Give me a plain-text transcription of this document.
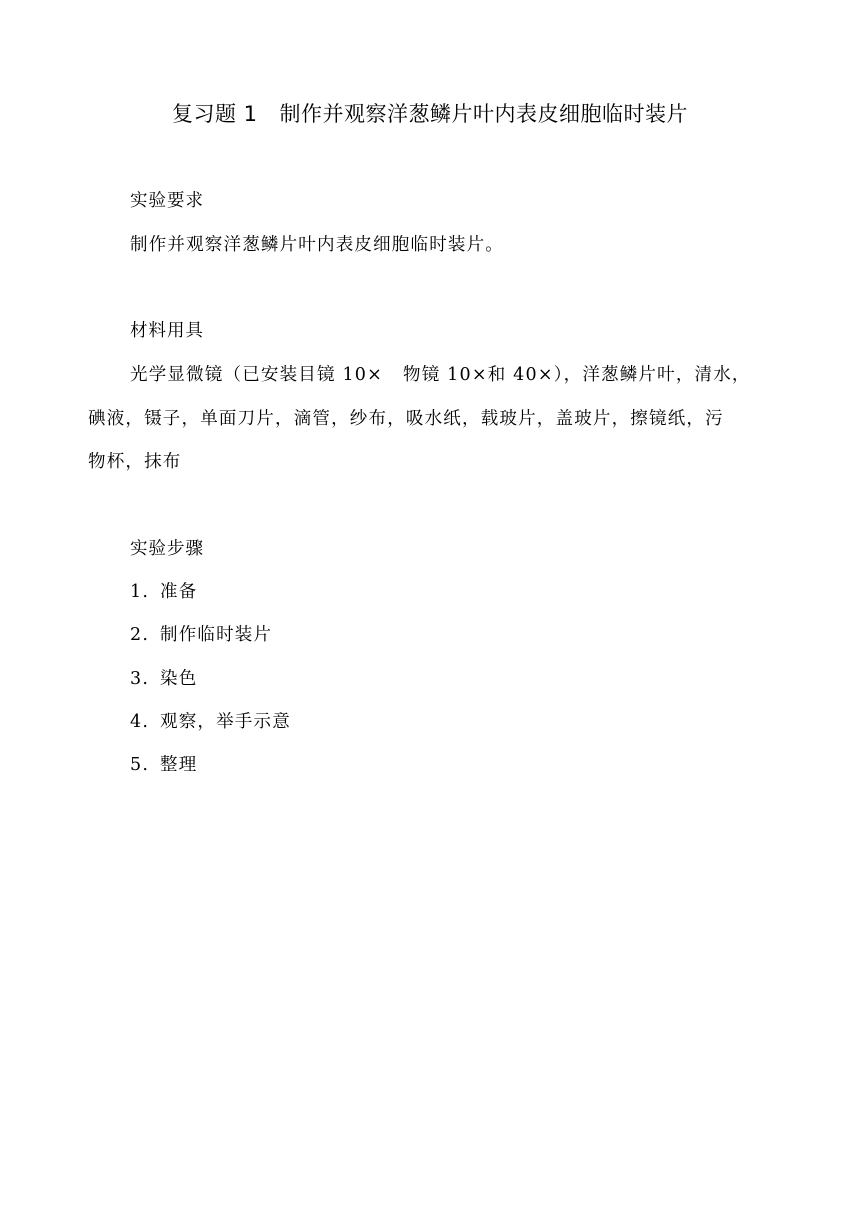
复习题 1 制作并观察洋葱鳞片叶内表皮细胞临时装片
实验要求
制作并观察洋葱鳞片叶内表皮细胞临时装片。
材料用具
光学显微镜（已安装目镜 10× 物镜 10×和 40×），洋葱鳞片叶，清水，
碘液，镊子，单面刀片，滴管，纱布，吸水纸，载玻片，盖玻片，擦镜纸，污
物杯，抹布
实验步骤
1. 准备
2. 制作临时装片
3. 染色
4. 观察，举手示意
5. 整理
